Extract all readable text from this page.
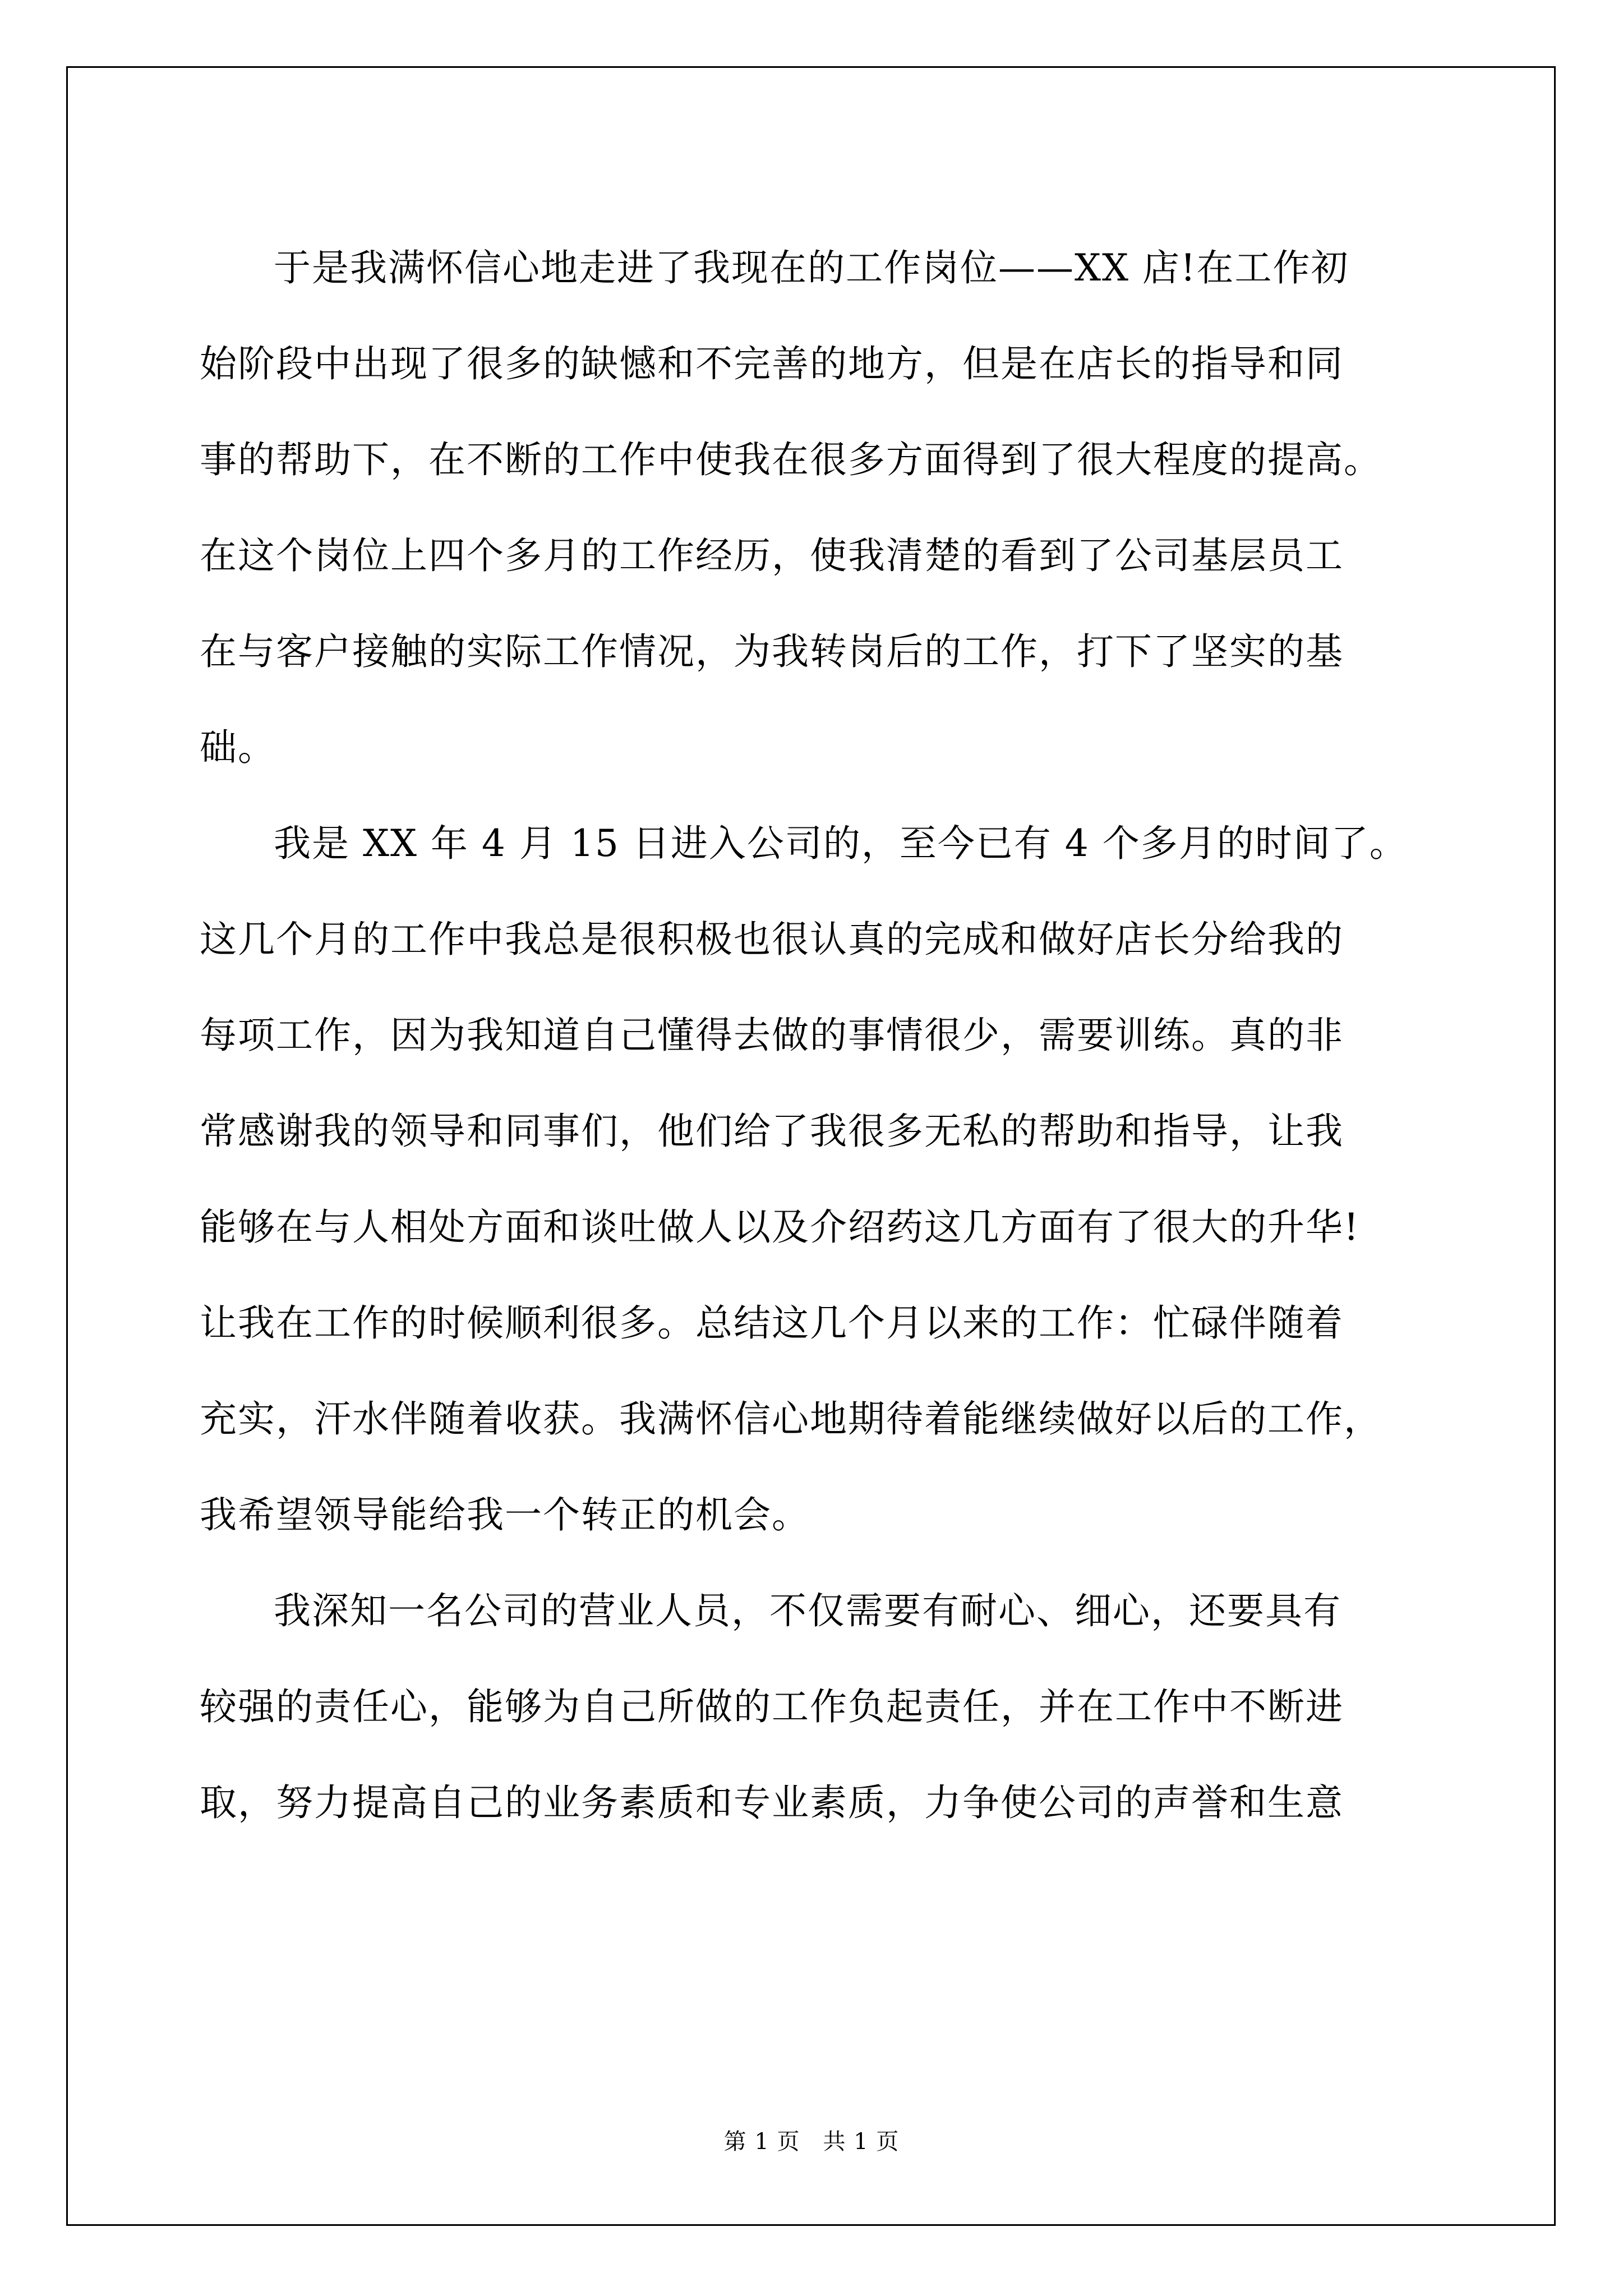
于是我满怀信心地走进了我现在的工作岗位——XX 店!在工作初
始阶段中出现了很多的缺憾和不完善的地方，但是在店长的指导和同
事的帮助下，在不断的工作中使我在很多方面得到了很大程度的提高。
在这个岗位上四个多月的工作经历，使我清楚的看到了公司基层员工
在与客户接触的实际工作情况，为我转岗后的工作，打下了坚实的基
础。
我是 XX 年 4 月 15 日进入公司的，至今已有 4 个多月的时间了。
这几个月的工作中我总是很积极也很认真的完成和做好店长分给我的
每项工作，因为我知道自己懂得去做的事情很少，需要训练。真的非
常感谢我的领导和同事们，他们给了我很多无私的帮助和指导，让我
能够在与人相处方面和谈吐做人以及介绍药这几方面有了很大的升华!
让我在工作的时候顺利很多。总结这几个月以来的工作：忙碌伴随着
充实，汗水伴随着收获。我满怀信心地期待着能继续做好以后的工作，
我希望领导能给我一个转正的机会。
我深知一名公司的营业人员，不仅需要有耐心、细心，还要具有
较强的责任心，能够为自己所做的工作负起责任，并在工作中不断进
取，努力提高自己的业务素质和专业素质，力争使公司的声誉和生意
第 1 页　共 1 页
